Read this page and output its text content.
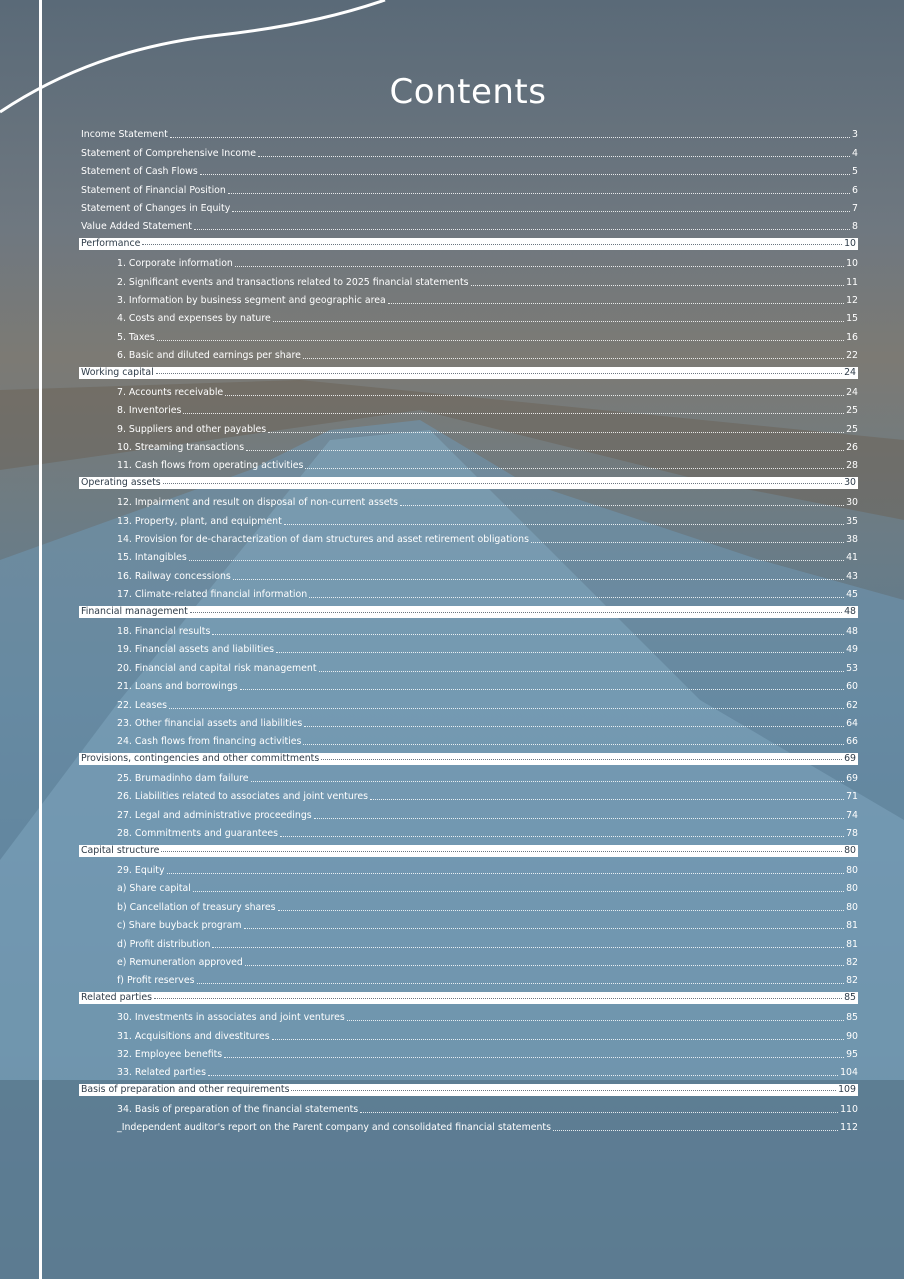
Contents
Income Statement	3
Statement of Comprehensive Income	4
Statement of Cash Flows	5
Statement of Financial Position	6
Statement of Changes in Equity	7
Value Added Statement	8
Performance	10
1. Corporate information	10
2. Significant events and transactions related to 2025 financial statements	11
3. Information by business segment and geographic area	12
4. Costs and expenses by nature	15
5. Taxes	16
6. Basic and diluted earnings per share	22
Working capital	24
7. Accounts receivable	24
8. Inventories	25
9. Suppliers and other payables	25
10. Streaming transactions	26
11. Cash flows from operating activities	28
Operating assets	30
12. Impairment and result on disposal of non-current assets	30
13. Property, plant, and equipment	35
14. Provision for de-characterization of dam structures and asset retirement obligations	38
15. Intangibles	41
16. Railway concessions	43
17. Climate-related financial information	45
Financial management	48
18. Financial results	48
19. Financial assets and liabilities	49
20. Financial and capital risk management	53
21. Loans and borrowings	60
22. Leases	62
23. Other financial assets and liabilities	64
24. Cash flows from financing activities	66
Provisions, contingencies and other committments	69
25. Brumadinho dam failure	69
26. Liabilities related to associates and joint ventures	71
27. Legal and administrative proceedings	74
28. Commitments and guarantees	78
Capital structure	80
29. Equity	80
a) Share capital	80
b) Cancellation of treasury shares	80
c) Share buyback program	81
d) Profit distribution	81
e) Remuneration approved	82
f) Profit reserves	82
Related parties	85
30. Investments in associates and joint ventures	85
31. Acquisitions and divestitures	90
32. Employee benefits	95
33. Related parties	104
Basis of preparation and other requirements	109
34. Basis of preparation of the financial statements	110
_Independent auditor's report on the Parent company and consolidated financial statements	112
